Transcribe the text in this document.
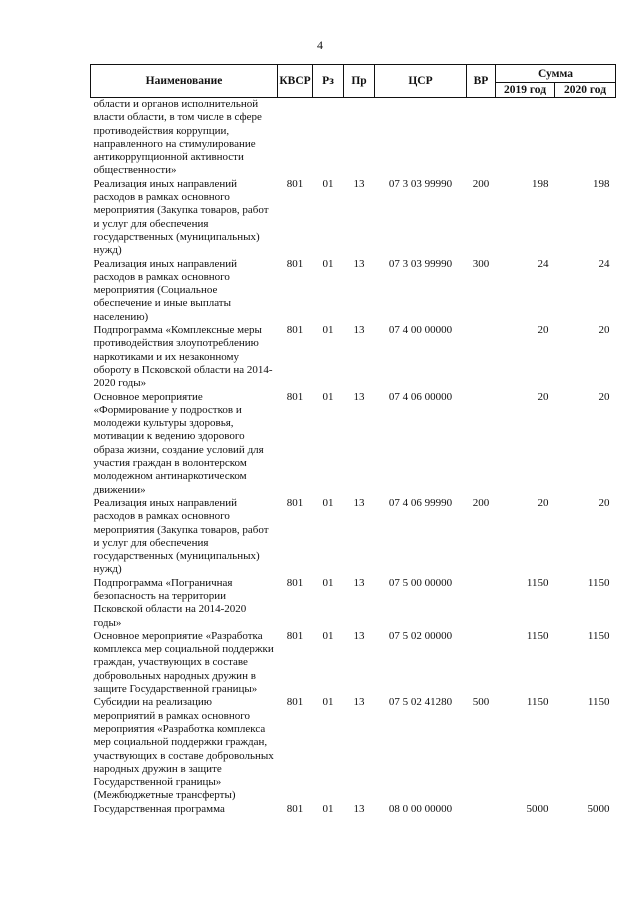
4
Наименование	КВСР	Рз	Пр	ЦСР	ВР	Сумма	
						2019 год	2020 год
области и органов исполнительной власти области, в том числе в сфере противодействия коррупции, направленного на стимулирование антикоррупционной активности общественности»							
Реализация иных направлений расходов в рамках основного мероприятия (Закупка товаров, работ и услуг для обеспечения государственных (муниципальных) нужд)	801	01	13	07 3 03 99990	200	198	198
Реализация иных направлений расходов в рамках основного мероприятия (Социальное обеспечение и иные выплаты населению)	801	01	13	07 3 03 99990	300	24	24
Подпрограмма «Комплексные меры противодействия злоупотреблению наркотиками и их незаконному обороту в Псковской области на 2014-2020 годы»	801	01	13	07 4 00 00000		20	20
Основное мероприятие «Формирование у подростков и молодежи культуры здоровья, мотивации к ведению здорового образа жизни, создание условий для участия граждан в волонтерском молодежном антинаркотическом движении»	801	01	13	07 4 06 00000		20	20
Реализация иных направлений расходов в рамках основного мероприятия (Закупка товаров, работ и услуг для обеспечения государственных (муниципальных) нужд)	801	01	13	07 4 06 99990	200	20	20
Подпрограмма «Пограничная безопасность на территории Псковской области на 2014-2020 годы»	801	01	13	07 5 00 00000		1150	1150
Основное мероприятие «Разработка комплекса мер социальной поддержки граждан, участвующих в составе добровольных народных дружин в защите Государственной границы»	801	01	13	07 5 02 00000		1150	1150
Субсидии на реализацию мероприятий в рамках основного мероприятия «Разработка комплекса мер социальной поддержки граждан, участвующих в составе добровольных народных дружин в защите Государственной границы» (Межбюджетные трансферты)	801	01	13	07 5 02 41280	500	1150	1150
Государственная программа	801	01	13	08 0 00 00000		5000	5000
